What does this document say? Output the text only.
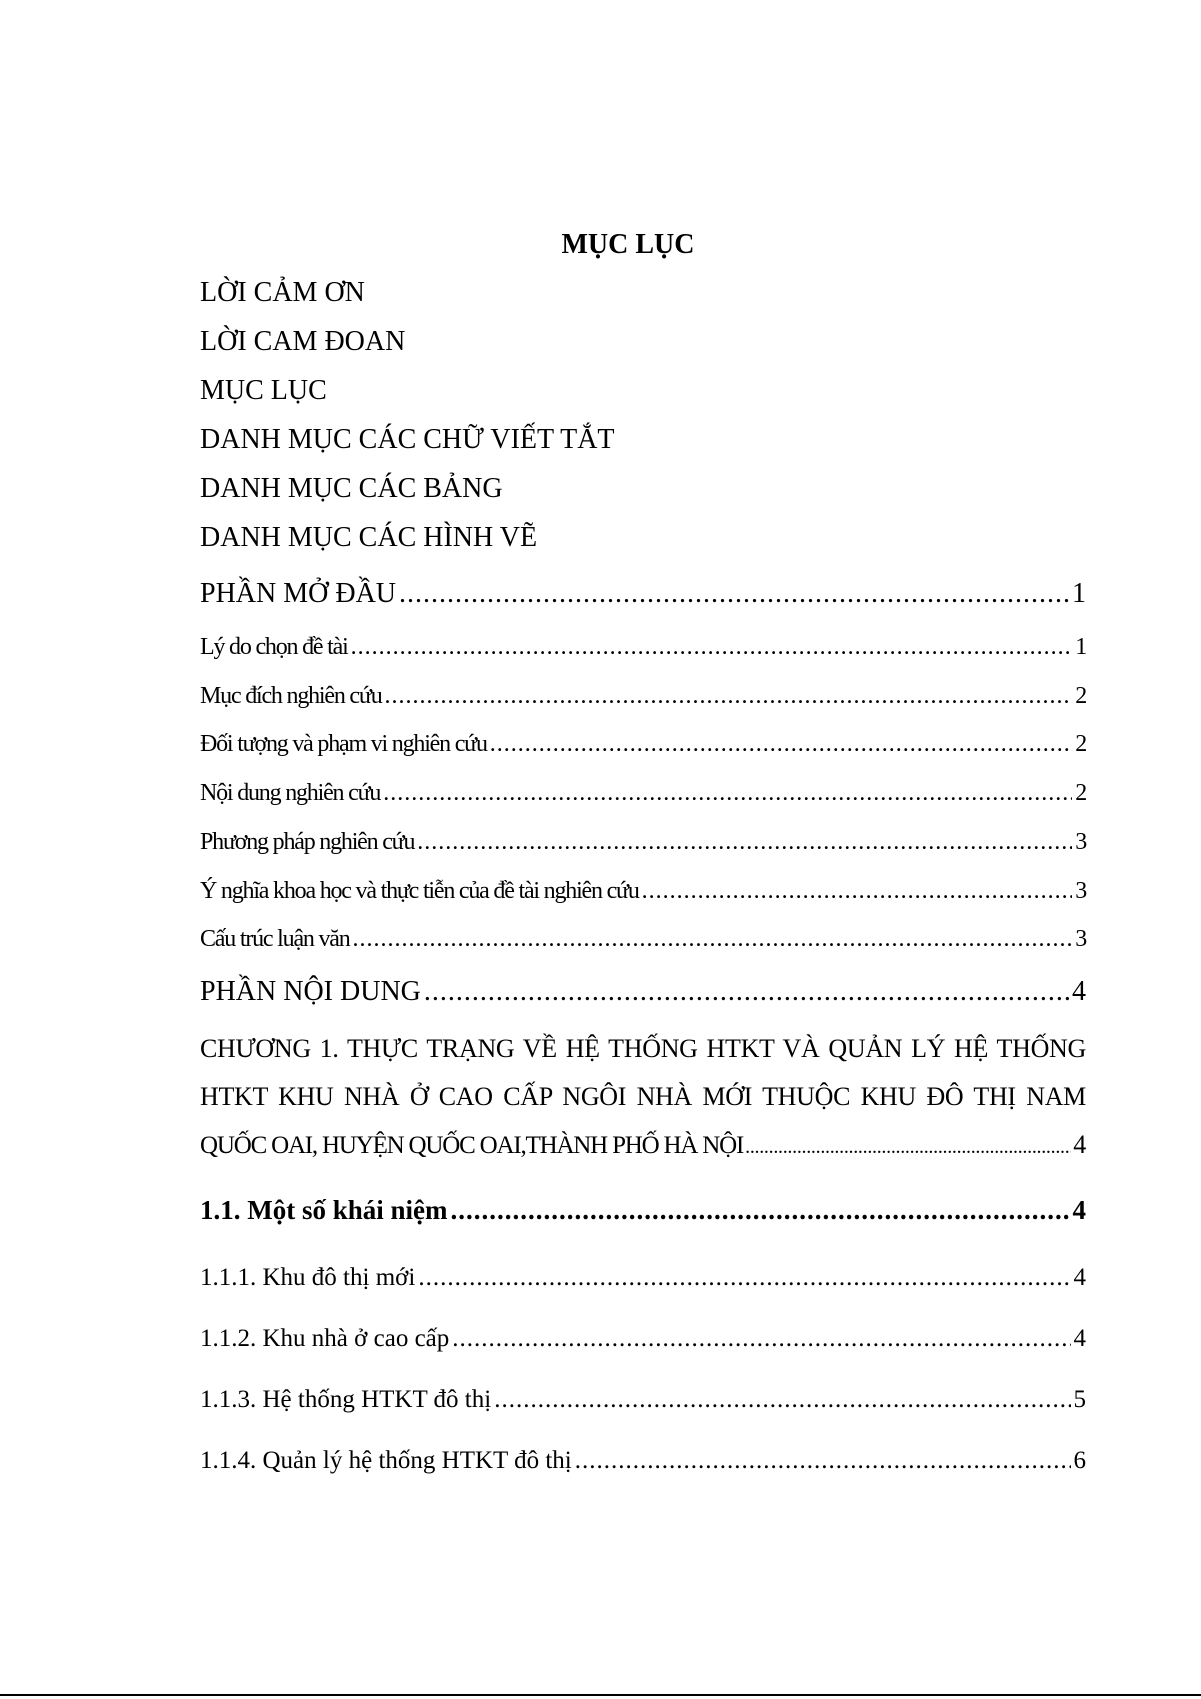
MỤC LỤC
LỜI CẢM ƠN
LỜI CAM ĐOAN
MỤC LỤC
DANH MỤC CÁC CHỮ VIẾT TẮT
DANH MỤC CÁC BẢNG
DANH MỤC CÁC HÌNH VẼ
PHẦN MỞ ĐẦU .....	1
Lý do chọn đề tài .....	1
Mục đích nghiên cứu .....	2
Đối tượng và phạm vi nghiên cứu .....	2
Nội dung nghiên cứu .....	2
Phương pháp nghiên cứu .....	3
Ý nghĩa khoa học và thực tiễn của đề tài nghiên cứu .....	3
Cấu trúc luận văn .....	3
PHẦN NỘI DUNG .....	4
CHƯƠNG 1. THỰC TRẠNG VỀ HỆ THỐNG HTKT VÀ QUẢN LÝ HỆ THỐNG
HTKT KHU NHÀ Ở CAO CẤP NGÔI NHÀ MỚI THUỘC KHU ĐÔ THỊ NAM
QUỐC OAI, HUYỆN QUỐC OAI,THÀNH PHỐ HÀ NỘI .....	4
1.1. Một số khái niệm .....	4
1.1.1. Khu đô thị mới .....	4
1.1.2. Khu nhà ở cao cấp .....	4
1.1.3. Hệ thống HTKT đô thị .....	5
1.1.4. Quản lý hệ thống HTKT đô thị .....	6
